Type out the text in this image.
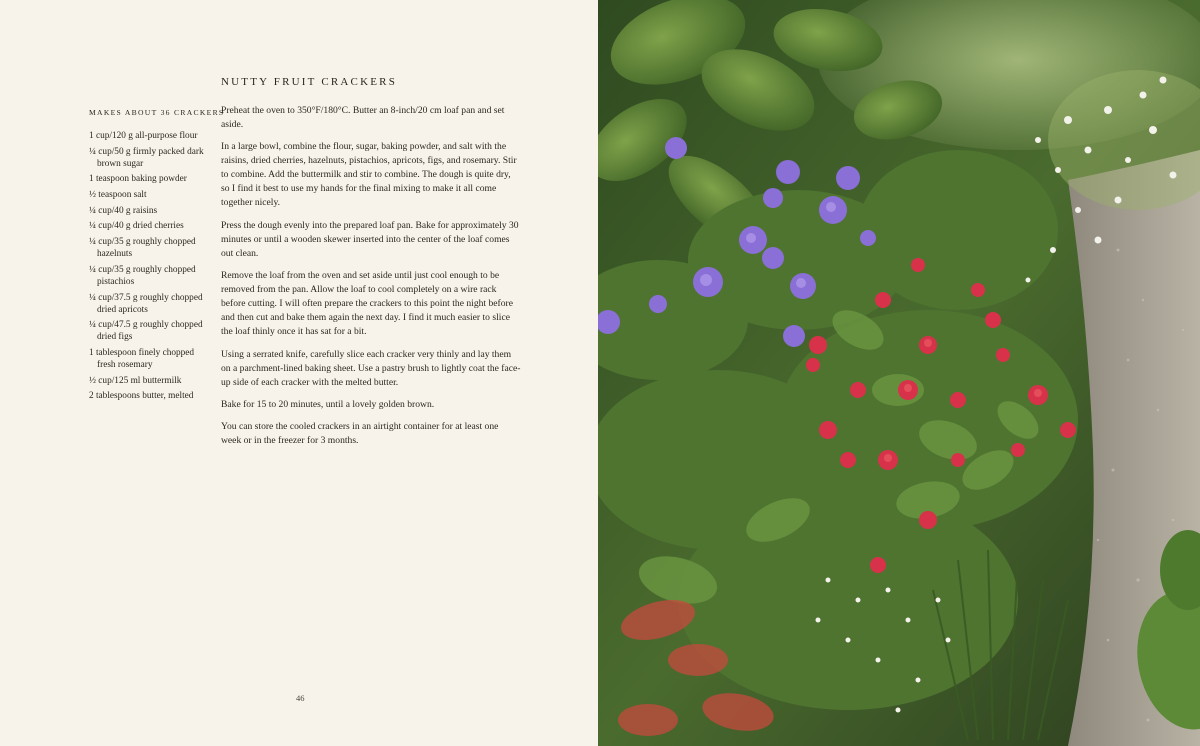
NUTTY FRUIT CRACKERS
MAKES ABOUT 36 CRACKERS
1 cup/120 g all-purpose flour
¼ cup/50 g firmly packed dark brown sugar
1 teaspoon baking powder
½ teaspoon salt
¼ cup/40 g raisins
¼ cup/40 g dried cherries
¼ cup/35 g roughly chopped hazelnuts
¼ cup/35 g roughly chopped pistachios
¼ cup/37.5 g roughly chopped dried apricots
¼ cup/47.5 g roughly chopped dried figs
1 tablespoon finely chopped fresh rosemary
½ cup/125 ml buttermilk
2 tablespoons butter, melted

Preheat the oven to 350°F/180°C. Butter an 8-inch/20 cm loaf pan and set aside.

In a large bowl, combine the flour, sugar, baking powder, and salt with the raisins, dried cherries, hazelnuts, pistachios, apricots, figs, and rosemary. Stir to combine. Add the buttermilk and stir to combine. The dough is quite dry, so I find it best to use my hands for the final mixing to make it all come together nicely.

Press the dough evenly into the prepared loaf pan. Bake for approximately 30 minutes or until a wooden skewer inserted into the center of the loaf comes out clean.

Remove the loaf from the oven and set aside until just cool enough to be removed from the pan. Allow the loaf to cool completely on a wire rack before cutting. I will often prepare the crackers to this point the night before and then cut and bake them again the next day. I find it much easier to slice the loaf thinly once it has sat for a bit.

Using a serrated knife, carefully slice each cracker very thinly and lay them on a parchment-lined baking sheet. Use a pastry brush to lightly coat the face-up side of each cracker with the melted butter.

Bake for 15 to 20 minutes, until a lovely golden brown.

You can store the cooled crackers in an airtight container for at least one week or in the freezer for 3 months.

46
